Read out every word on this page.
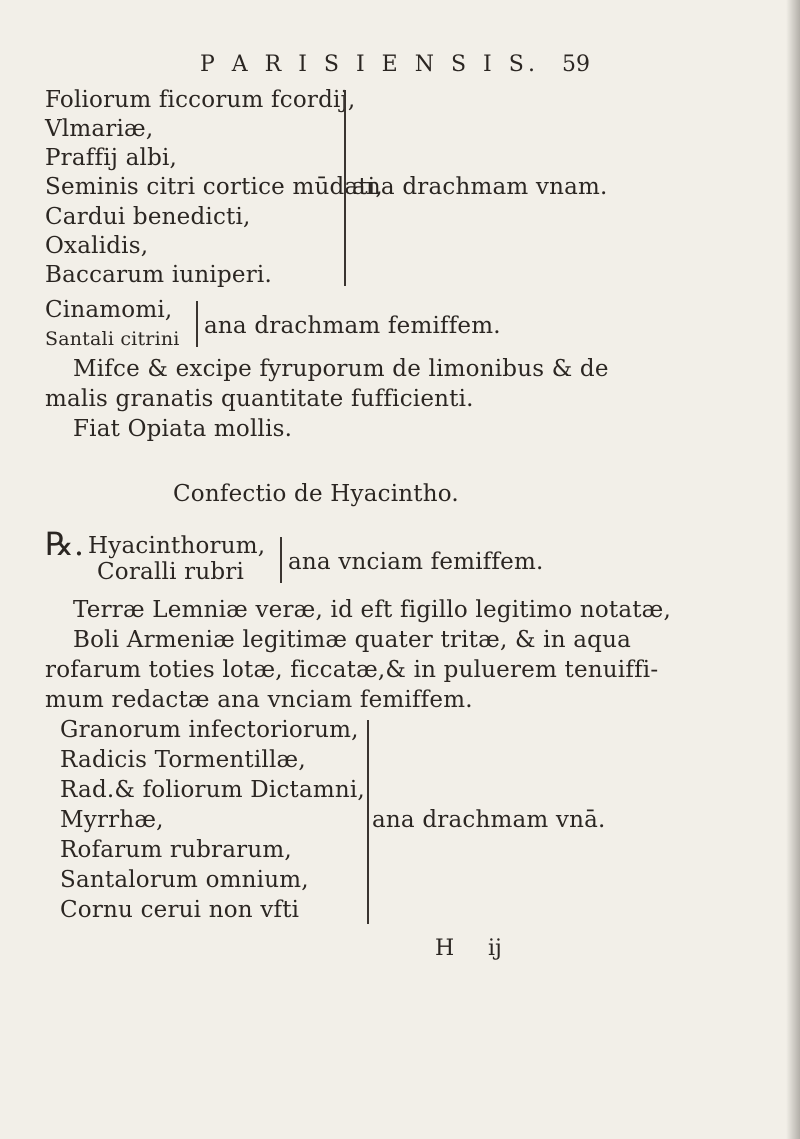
P A R I S I E N S I S. 59
Foliorum ficcorum fcordij,
Vlmariæ,
Praffij albi,
Seminis citri cortice mūdati,
Cardui benedicti,
Oxalidis,
Baccarum iuniperi.
ana drachmam vnam.
Cinamomi,
Santali citrini ana drachmam femiffem.
Mifce & excipe fyruporum de limonibus & de
malis granatis quantitate fufficienti.
Fiat Opiata mollis.
Confectio de Hyacintho.
℞. Hyacinthorum,
Coralli rubri ana vnciam femiffem.
Terræ Lemniæ veræ, id eft figillo legitimo notatæ,
Boli Armeniæ legitimæ quater tritæ, & in aqua
rofarum toties lotæ, ficcatæ,& in puluerem tenuiffi-
mum redactæ ana vnciam femiffem.
Granorum infectoriorum,
Radicis Tormentillæ,
Rad.& foliorum Dictamni,
Myrrhæ,
Rofarum rubrarum,
Santalorum omnium,
Cornu cerui non vfti
ana drachmam vnā.
H ij
